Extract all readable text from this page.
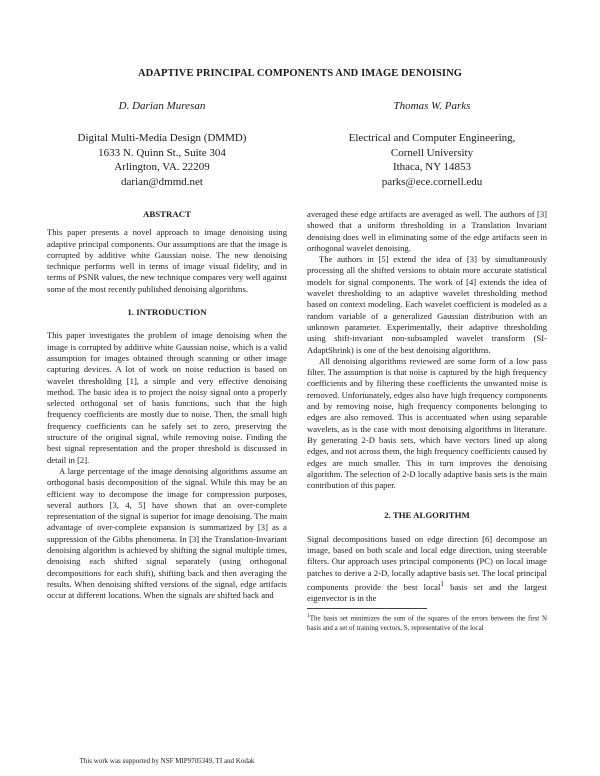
ADAPTIVE PRINCIPAL COMPONENTS AND IMAGE DENOISING
D. Darian Muresan
Digital Multi-Media Design (DMMD)
1633 N. Quinn St., Suite 304
Arlington, VA. 22209
darian@dmmd.net
Thomas W. Parks
Electrical and Computer Engineering,
Cornell University
Ithaca, NY 14853
parks@ece.cornell.edu

ABSTRACT

This paper presents a novel approach to image denoising using adaptive principal components. Our assumptions are that the image is corrupted by additive white Gaussian noise. The new denoising technique performs well in terms of image visual fidelity, and in terms of PSNR values, the new technique compares very well against some of the most recently published denoising algorithms.

1. INTRODUCTION

This paper investigates the problem of image denoising when the image is corrupted by additive white Gaussian noise, which is a valid assumption for images obtained through scanning or other image capturing devices. A lot of work on noise reduction is based on wavelet thresholding [1], a simple and very effective denoising method. The basic idea is to project the noisy signal onto a properly selected orthogonal set of basis functions, such that the high frequency coefficients are mostly due to noise. Then, the small high frequency coefficients can be safely set to zero, preserving the structure of the original signal, while removing noise. Finding the best signal representation and the proper threshold is discussed in detail in [2].

A large percentage of the image denoising algorithms assume an orthogonal basis decomposition of the signal. While this may be an efficient way to decompose the image for compression purposes, several authors [3, 4, 5] have shown that an over-complete representation of the signal is superior for image denoising. The main advantage of over-complete expansion is summarized by [3] as a suppression of the Gibbs phenomena. In [3] the Translation-Invariant denoising algorithm is achieved by shifting the signal multiple times, denoising each shifted signal separately (using orthogonal decompositions for each shift), shifting back and then averaging the results. When denoising shifted versions of the signal, edge artifacts occur at different locations. When the signals are shifted back and

averaged these edge artifacts are averaged as well. The authors of [3] showed that a uniform thresholding in a Translation Invariant denoising does well in eliminating some of the edge artifacts seen in orthogonal wavelet denoising.

The authors in [5] extend the idea of [3] by simultaneously processing all the shifted versions to obtain more accurate statistical models for signal components. The work of [4] extends the idea of wavelet thresholding to an adaptive wavelet thresholding method based on context modeling. Each wavelet coefficient is modeled as a random variable of a generalized Gaussian distribution with an unknown parameter. Experimentally, their adaptive thresholding using shift-invariant non-subsampled wavelet transform (SI-AdaptShrink) is one of the best denoising algorithms.

All denoising algorithms reviewed are some form of a low pass filter. The assumption is that noise is captured by the high frequency coefficients and by filtering these coefficients the unwanted noise is removed. Unfortunately, edges also have high frequency components and by removing noise, high frequency components belonging to edges are also removed. This is accentuated when using separable wavelets, as is the case with most denoising algorithms in literature. By generating 2-D basis sets, which have vectors lined up along edges, and not across them, the high frequency coefficients caused by edges are much smaller. This in turn improves the denoising algorithm. The selection of 2-D locally adaptive basis sets is the main contribution of this paper.

2. THE ALGORITHM

Signal decompositions based on edge direction [6] decompose an image, based on both scale and local edge direction, using steerable filters. Our approach uses principal components (PC) on local image patches to derive a 2-D, locally adaptive basis set. The local principal components provide the best local$^1$ basis set and the largest eigenvector is in the

$^1$The basis set minimizes the sum of the squares of the errors between the first N basis and a set of training vectors, S, representative of the local

This work was supported by NSF MIP9705349, TI and Kodak
